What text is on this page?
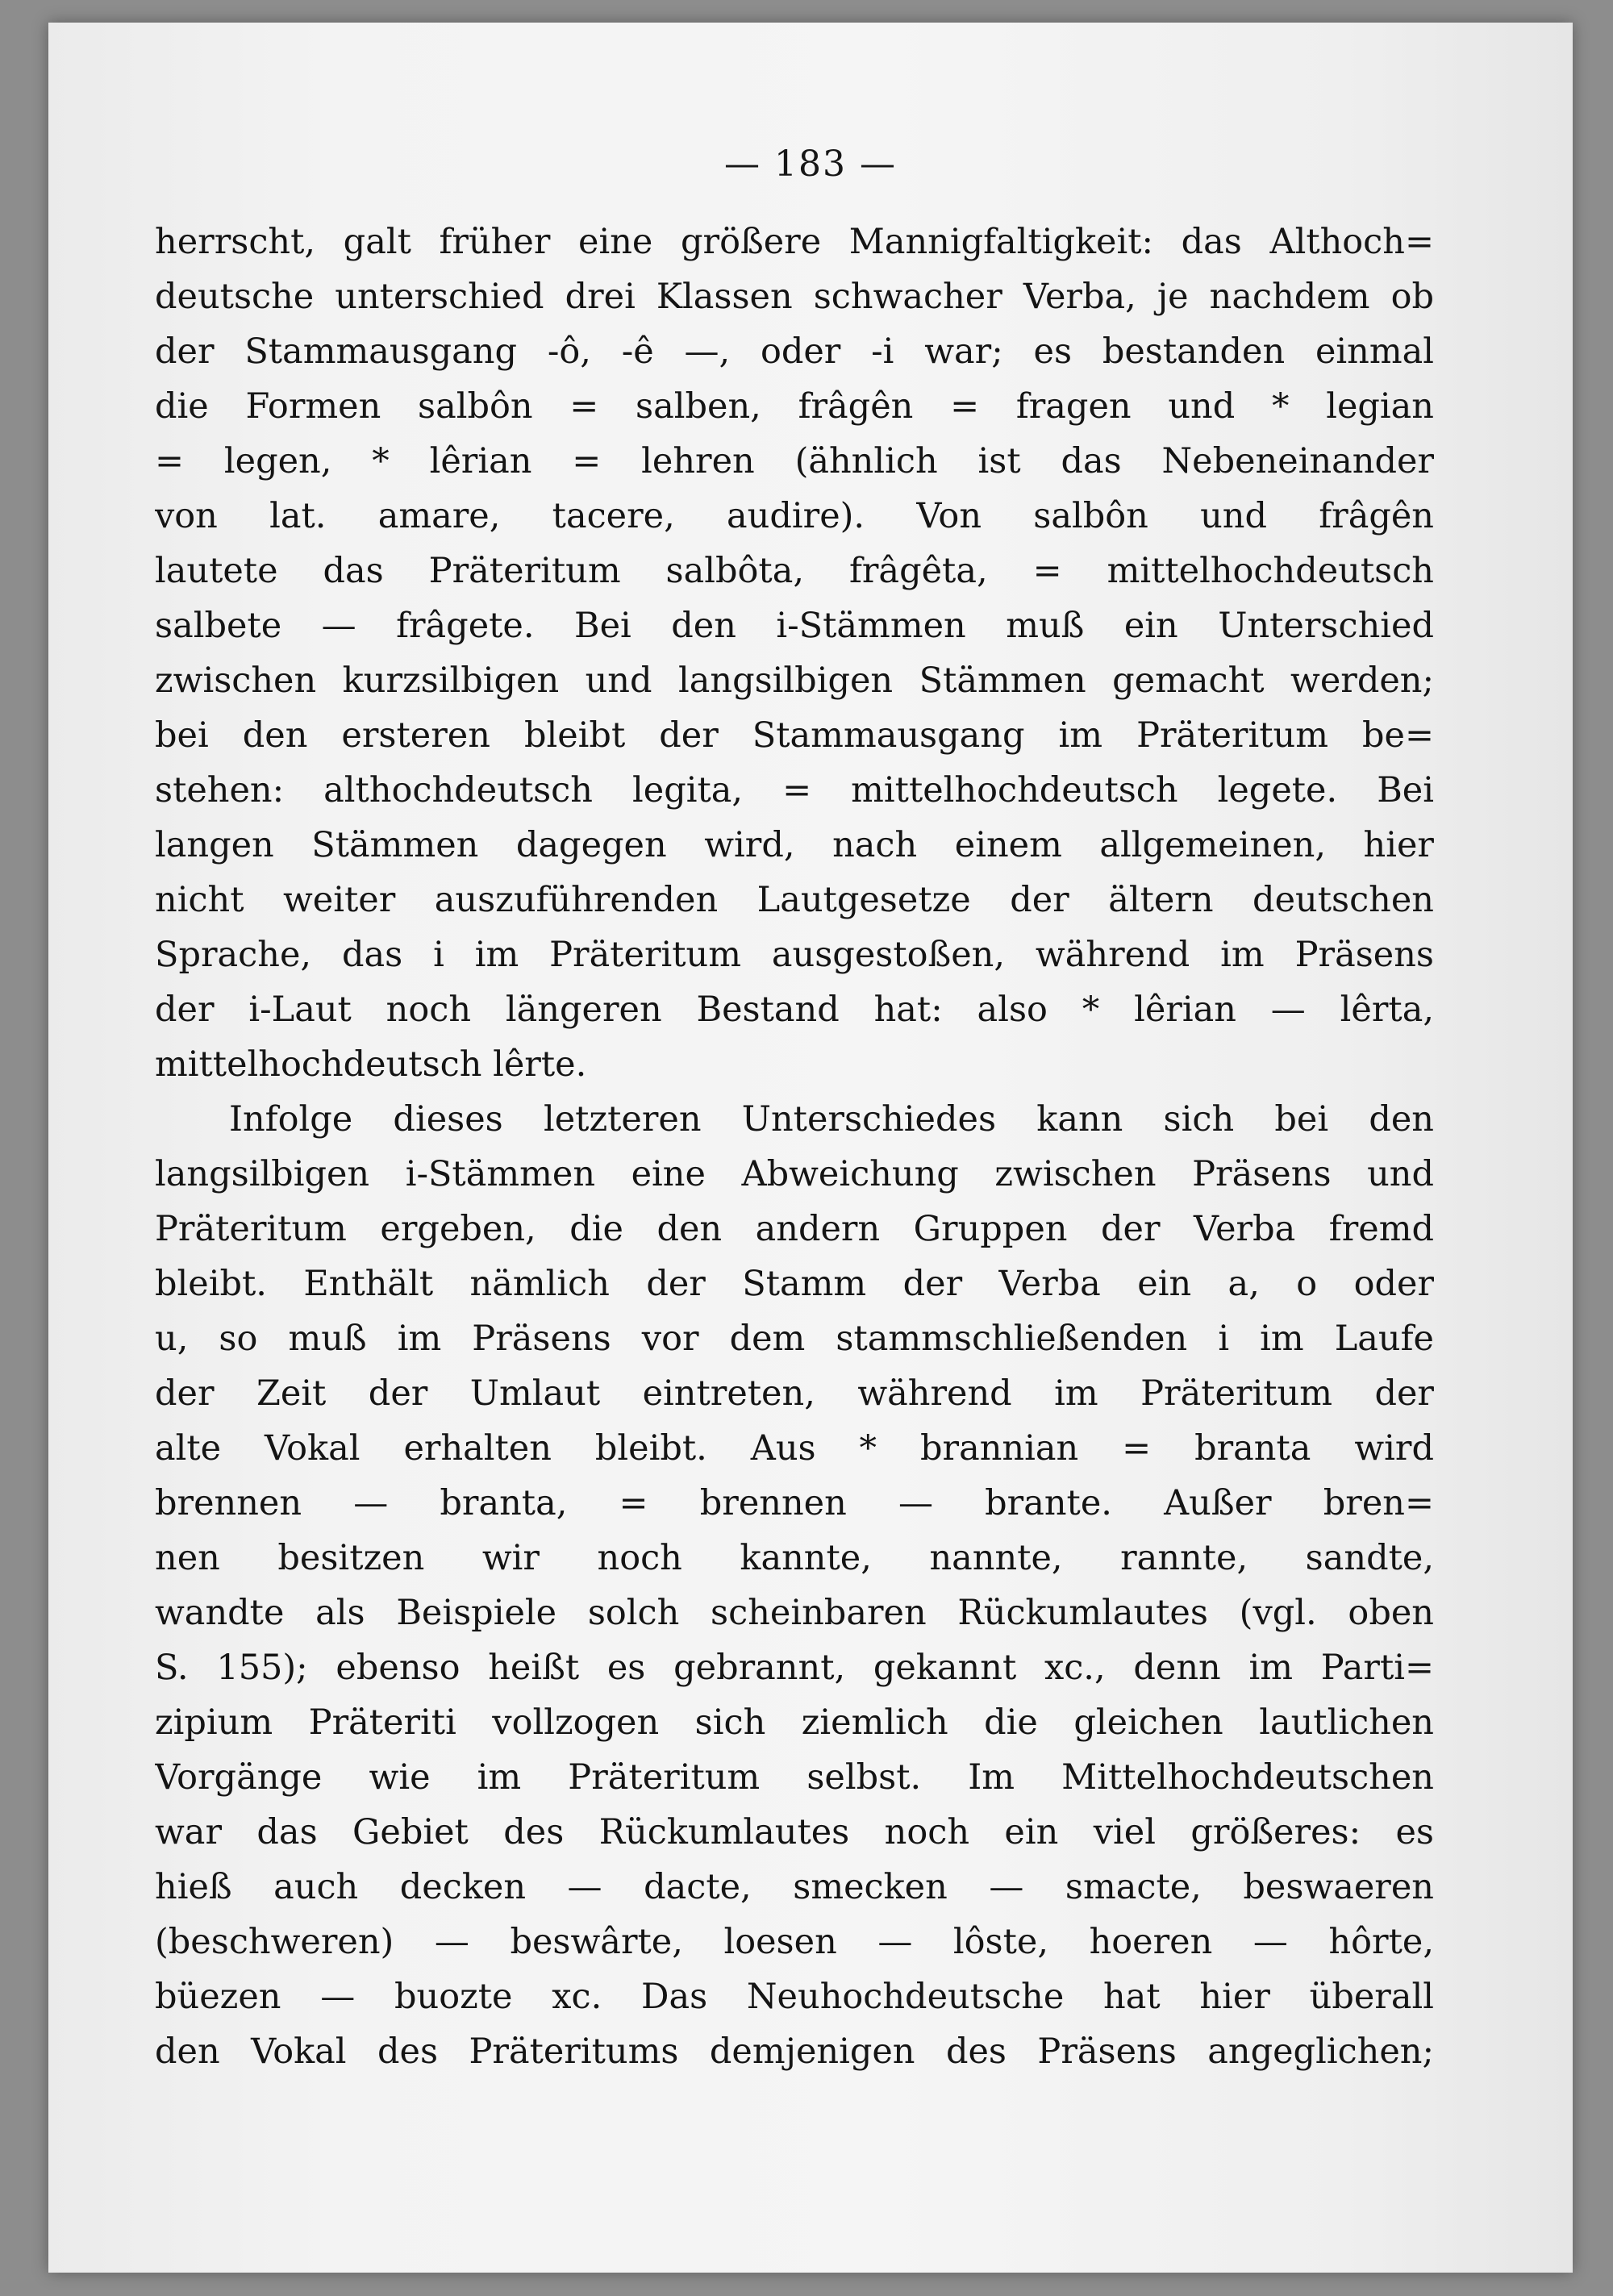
— 183 —
herrscht, galt früher eine größere Mannigfaltigkeit: das Althoch=
deutsche unterschied drei Klassen schwacher Verba, je nachdem ob
der Stammausgang -ô, -ê —, oder -i war; es bestanden einmal
die Formen salbôn = salben, frâgên = fragen und * legian
= legen, * lêrian = lehren (ähnlich ist das Nebeneinander
von lat. amare, tacere, audire). Von salbôn und frâgên
lautete das Präteritum salbôta, frâgêta, = mittelhochdeutsch
salbete — frâgete. Bei den i-Stämmen muß ein Unterschied
zwischen kurzsilbigen und langsilbigen Stämmen gemacht werden;
bei den ersteren bleibt der Stammausgang im Präteritum be=
stehen: althochdeutsch legita, = mittelhochdeutsch legete. Bei
langen Stämmen dagegen wird, nach einem allgemeinen, hier
nicht weiter auszuführenden Lautgesetze der ältern deutschen
Sprache, das i im Präteritum ausgestoßen, während im Präsens
der i-Laut noch längeren Bestand hat: also * lêrian — lêrta,
mittelhochdeutsch lêrte.
Infolge dieses letzteren Unterschiedes kann sich bei den
langsilbigen i-Stämmen eine Abweichung zwischen Präsens und
Präteritum ergeben, die den andern Gruppen der Verba fremd
bleibt. Enthält nämlich der Stamm der Verba ein a, o oder
u, so muß im Präsens vor dem stammschließenden i im Laufe
der Zeit der Umlaut eintreten, während im Präteritum der
alte Vokal erhalten bleibt. Aus * brannian = branta wird
brennen — branta, = brennen — brante. Außer bren=
nen besitzen wir noch kannte, nannte, rannte, sandte,
wandte als Beispiele solch scheinbaren Rückumlautes (vgl. oben
S. 155); ebenso heißt es gebrannt, gekannt xc., denn im Parti=
zipium Präteriti vollzogen sich ziemlich die gleichen lautlichen
Vorgänge wie im Präteritum selbst. Im Mittelhochdeutschen
war das Gebiet des Rückumlautes noch ein viel größeres: es
hieß auch decken — dacte, smecken — smacte, beswaeren
(beschweren) — beswârte, loesen — lôste, hoeren — hôrte,
büezen — buozte xc. Das Neuhochdeutsche hat hier überall
den Vokal des Präteritums demjenigen des Präsens angeglichen;
